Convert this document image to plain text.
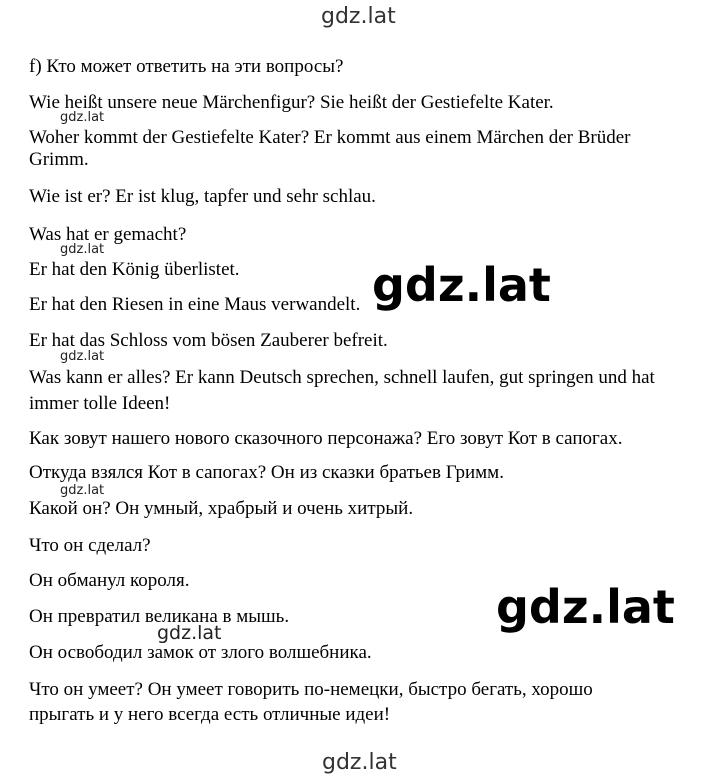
gdz.lat
f) Кто может ответить на эти вопросы?
Wie heißt unsere neue Märchenfigur? Sie heißt der Gestiefelte Kater.
gdz.lat
Woher kommt der Gestiefelte Kater? Er kommt aus einem Märchen der Brüder
Grimm.
Wie ist er? Er ist klug, tapfer und sehr schlau.
Was hat er gemacht?
gdz.lat
Er hat den König überlistet.
Er hat den Riesen in eine Maus verwandelt.
Er hat das Schloss vom bösen Zauberer befreit.
gdz.lat
Was kann er alles? Er kann Deutsch sprechen, schnell laufen, gut springen und hat
immer tolle Ideen!
Как зовут нашего нового сказочного персонажа? Его зовут Кот в сапогах.
Откуда взялся Кот в сапогах? Он из сказки братьев Гримм.
gdz.lat
Какой он? Он умный, храбрый и очень хитрый.
Что он сделал?
Он обманул короля.
Он превратил великана в мышь.
Он освободил замок от злого волшебника.
Что он умеет? Он умеет говорить по-немецки, быстро бегать, хорошо
прыгать и у него всегда есть отличные идеи!
gdz.lat
gdz.lat
gdz.lat
gdz.lat
